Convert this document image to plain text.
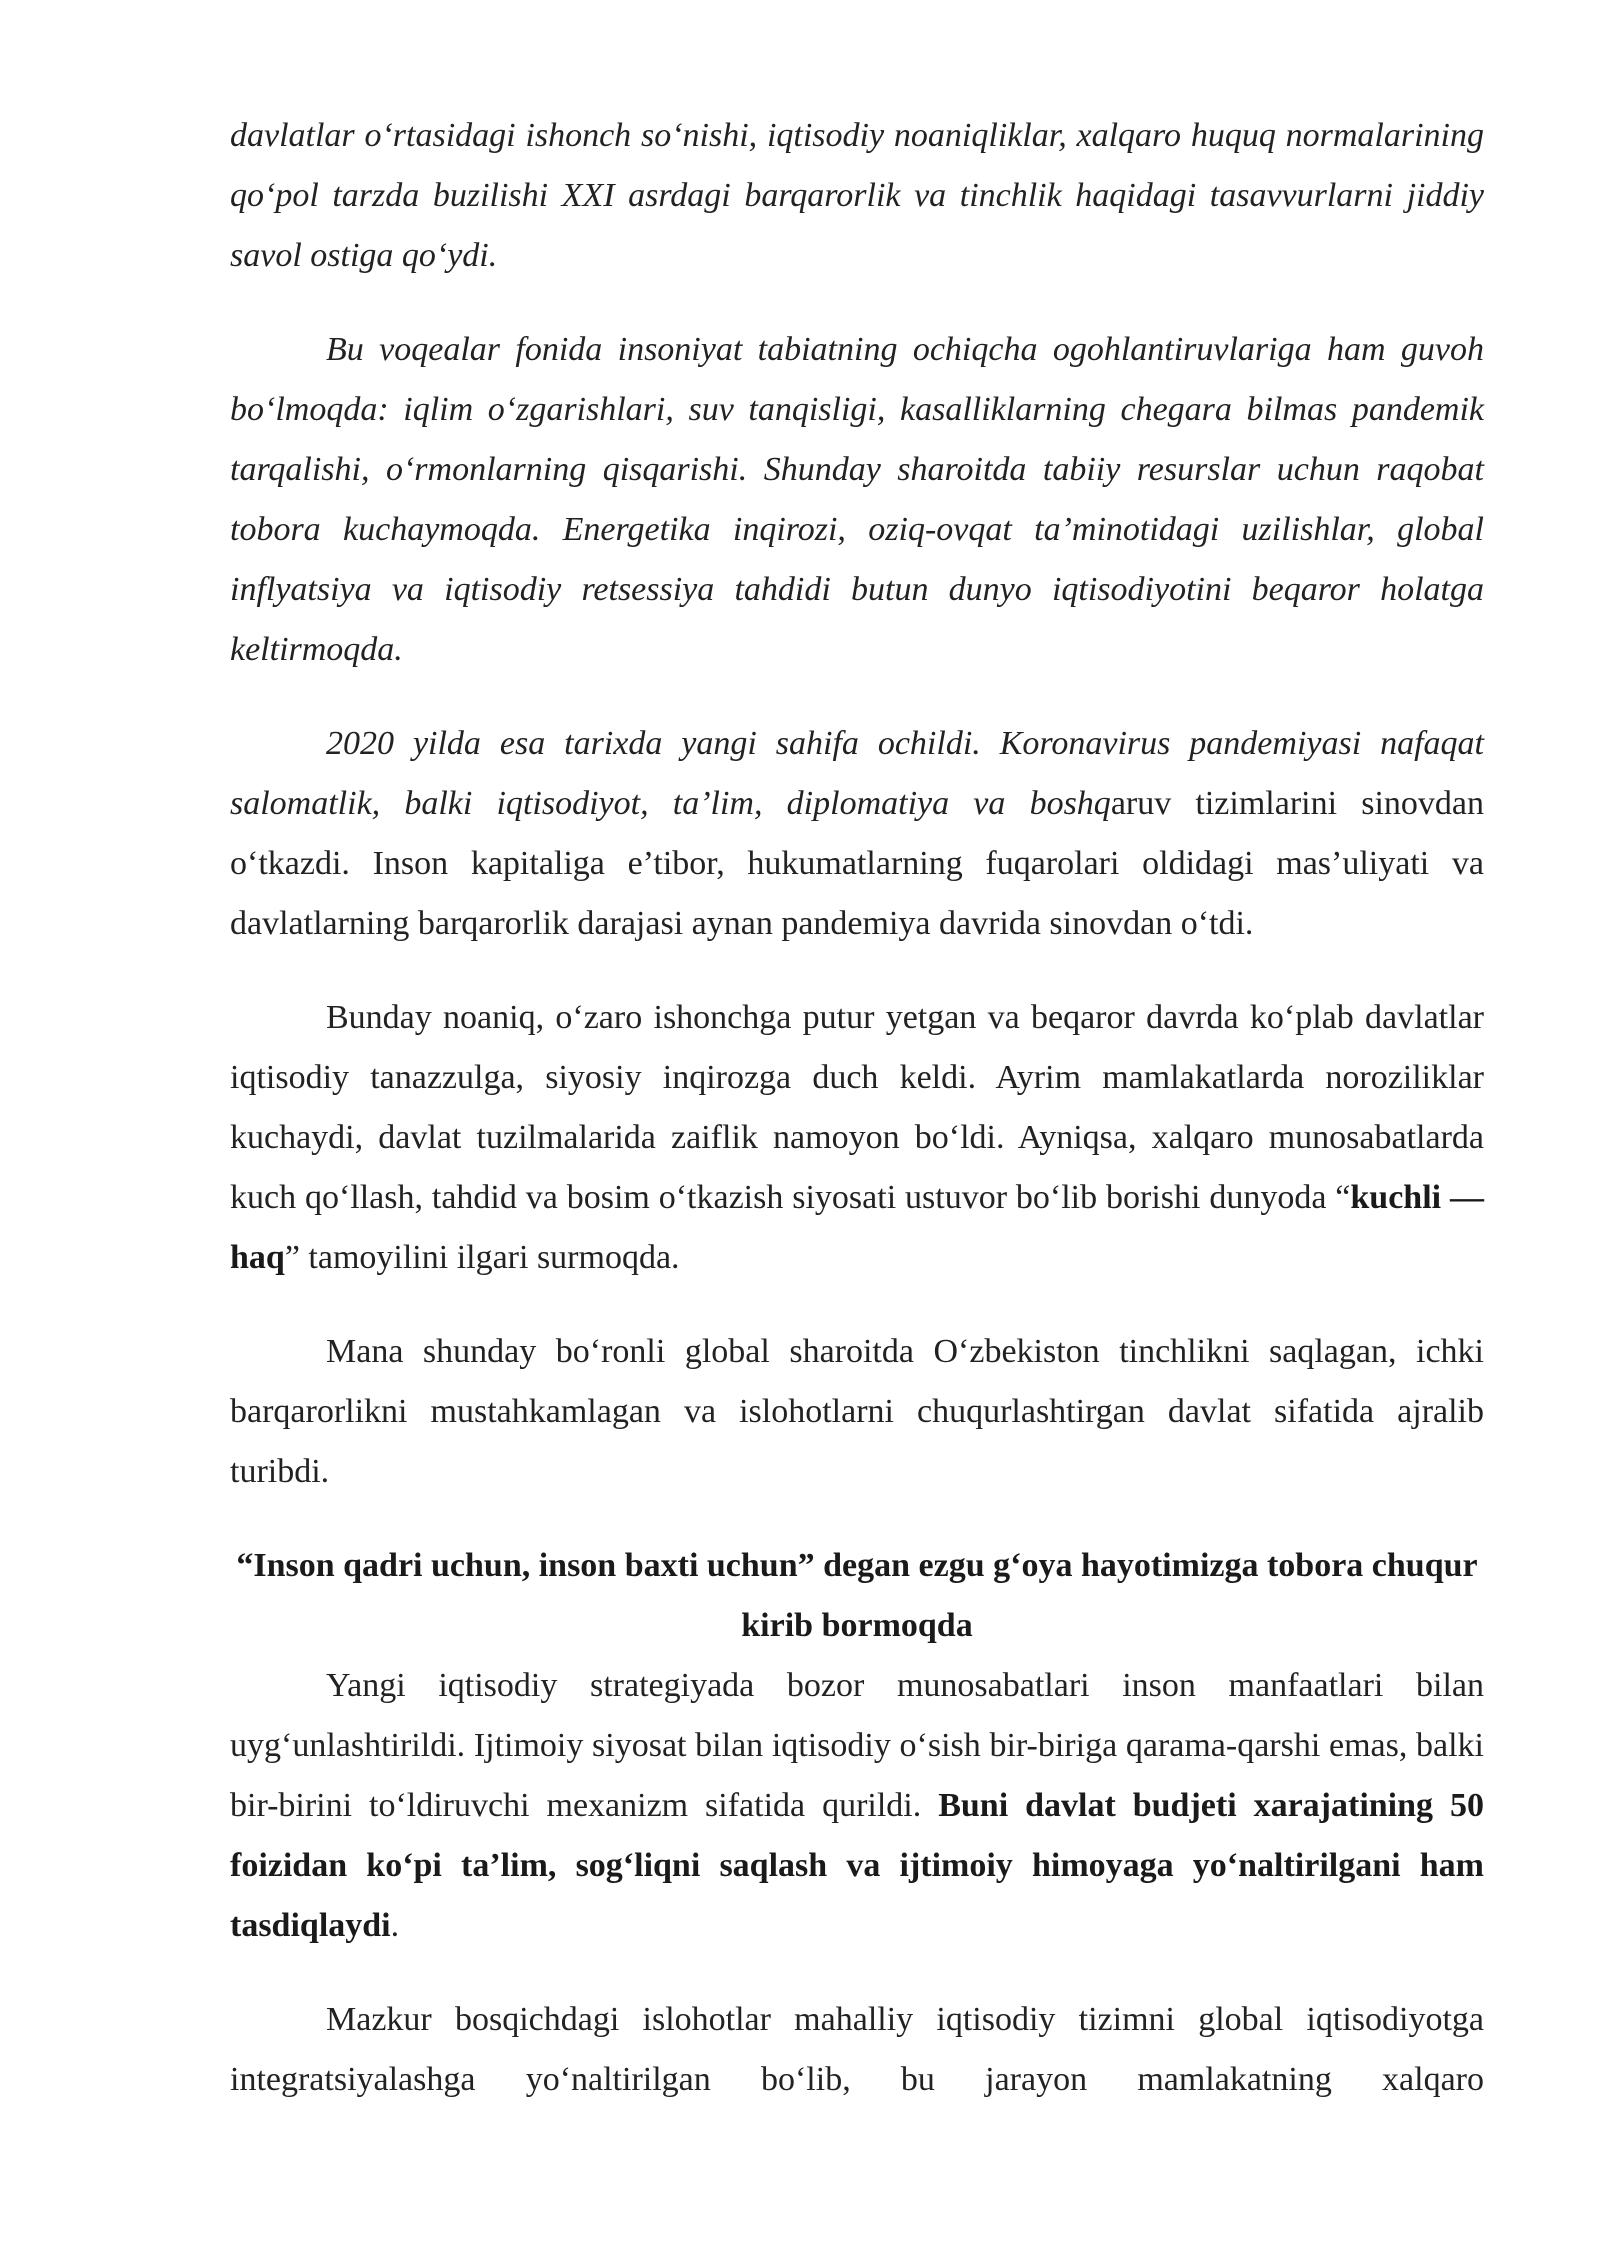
davlatlar o‘rtasidagi ishonch so‘nishi, iqtisodiy noaniqliklar, xalqaro huquq normalarining qo‘pol tarzda buzilishi XXI asrdagi barqarorlik va tinchlik haqidagi tasavvurlarni jiddiy savol ostiga qo‘ydi.

Bu voqealar fonida insoniyat tabiatning ochiqcha ogohlantiruvlariga ham guvoh bo‘lmoqda: iqlim o‘zgarishlari, suv tanqisligi, kasalliklarning chegara bilmas pandemik tarqalishi, o‘rmonlarning qisqarishi. Shunday sharoitda tabiiy resurslar uchun raqobat tobora kuchaymoqda. Energetika inqirozi, oziq-ovqat ta’minotidagi uzilishlar, global inflyatsiya va iqtisodiy retsessiya tahdidi butun dunyo iqtisodiyotini beqaror holatga keltirmoqda.

2020 yilda esa tarixda yangi sahifa ochildi. Koronavirus pandemiyasi nafaqat salomatlik, balki iqtisodiyot, ta’lim, diplomatiya va boshqaruv tizimlarini sinovdan o‘tkazdi. Inson kapitaliga e’tibor, hukumatlarning fuqarolari oldidagi mas’uliyati va davlatlarning barqarorlik darajasi aynan pandemiya davrida sinovdan o‘tdi.

Bunday noaniq, o‘zaro ishonchga putur yetgan va beqaror davrda ko‘plab davlatlar iqtisodiy tanazzulga, siyosiy inqirozga duch keldi. Ayrim mamlakatlarda noroziliklar kuchaydi, davlat tuzilmalarida zaiflik namoyon bo‘ldi. Ayniqsa, xalqaro munosabatlarda kuch qo‘llash, tahdid va bosim o‘tkazish siyosati ustuvor bo‘lib borishi dunyoda “kuchli — haq” tamoyilini ilgari surmoqda.

Mana shunday bo‘ronli global sharoitda O‘zbekiston tinchlikni saqlagan, ichki barqarorlikni mustahkamlagan va islohotlarni chuqurlashtirgan davlat sifatida ajralib turibdi.

“Inson qadri uchun, inson baxti uchun” degan ezgu g‘oya hayotimizga tobora chuqur kirib bormoqda

Yangi iqtisodiy strategiyada bozor munosabatlari inson manfaatlari bilan uyg‘unlashtirildi. Ijtimoiy siyosat bilan iqtisodiy o‘sish bir-biriga qarama-qarshi emas, balki bir-birini to‘ldiruvchi mexanizm sifatida qurildi. Buni davlat budjeti xarajatining 50 foizidan ko‘pi ta’lim, sog‘liqni saqlash va ijtimoiy himoyaga yo‘naltirilgani ham tasdiqlaydi.

Mazkur bosqichdagi islohotlar mahalliy iqtisodiy tizimni global iqtisodiyotga integratsiyalashga yo‘naltirilgan bo‘lib, bu jarayon mamlakatning xalqaro
